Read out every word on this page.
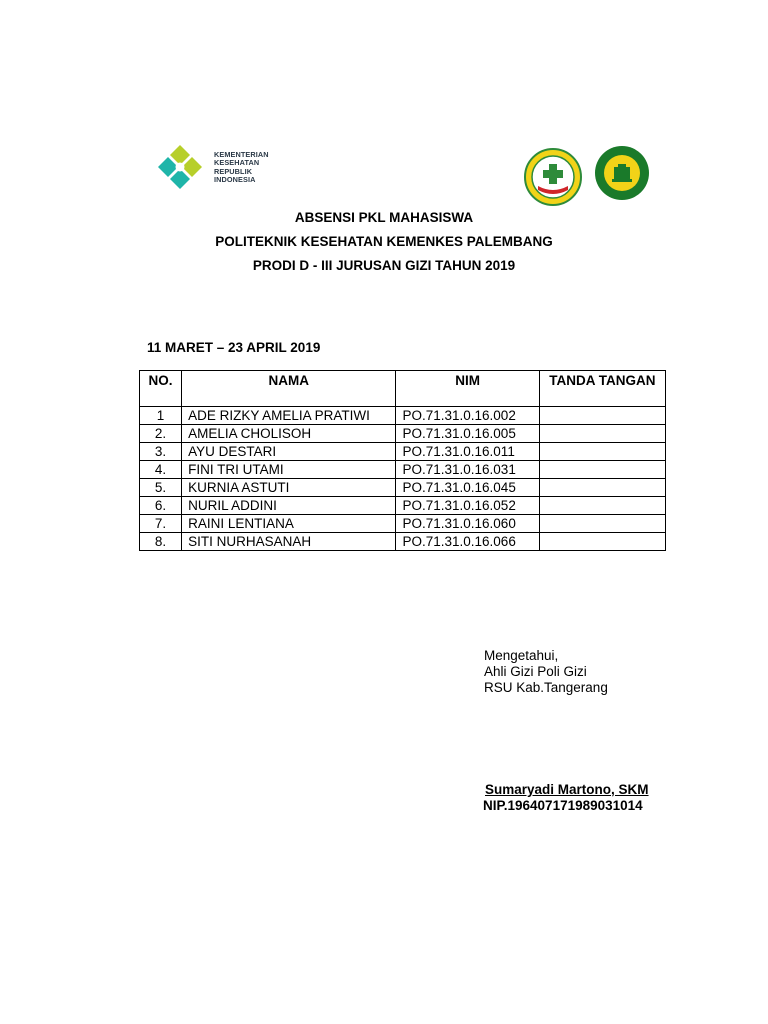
KEMENTERIAN
KESEHATAN
REPUBLIK
INDONESIA
ABSENSI PKL MAHASISWA
POLITEKNIK KESEHATAN KEMENKES PALEMBANG
PRODI D - III JURUSAN GIZI TAHUN 2019
11 MARET – 23 APRIL 2019
NO.	NAMA	NIM	TANDA TANGAN
1	ADE RIZKY AMELIA PRATIWI	PO.71.31.0.16.002	
2.	AMELIA CHOLISOH	PO.71.31.0.16.005	
3.	AYU DESTARI	PO.71.31.0.16.011	
4.	FINI TRI UTAMI	PO.71.31.0.16.031	
5.	KURNIA ASTUTI	PO.71.31.0.16.045	
6.	NURIL ADDINI	PO.71.31.0.16.052	
7.	RAINI LENTIANA	PO.71.31.0.16.060	
8.	SITI NURHASANAH	PO.71.31.0.16.066	
Mengetahui,
Ahli Gizi Poli Gizi
RSU Kab.Tangerang
Sumaryadi Martono, SKM
NIP.196407171989031014
